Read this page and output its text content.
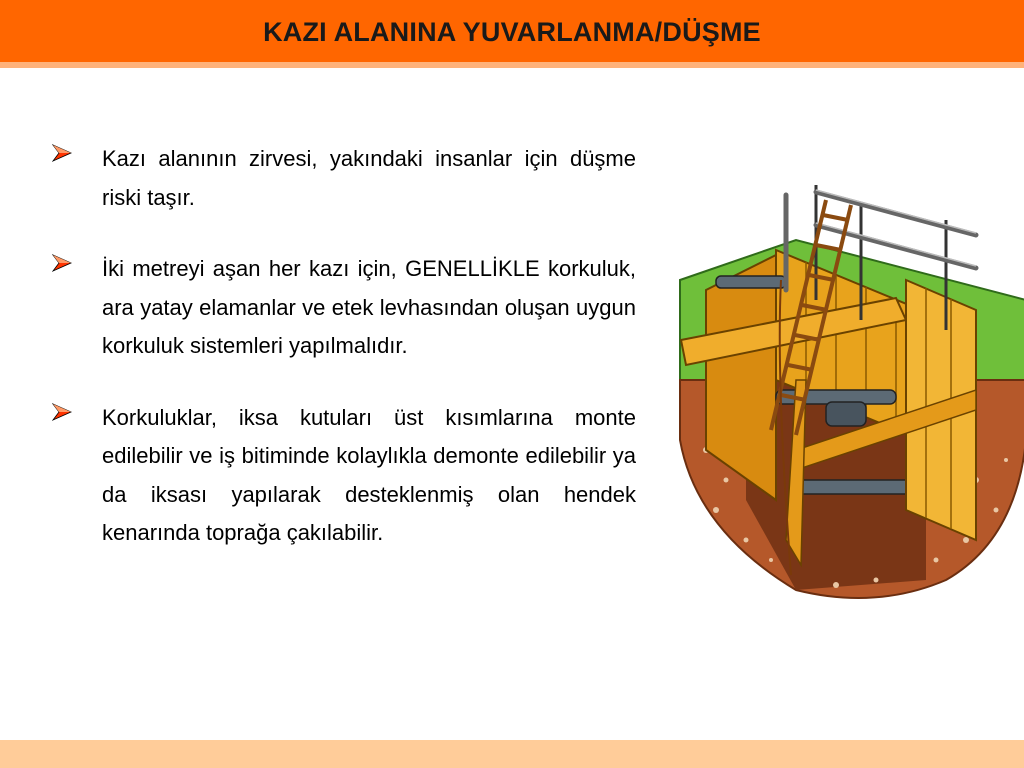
KAZI ALANINA YUVARLANMA/DÜŞME
Kazı alanının zirvesi, yakındaki insanlar için düşme riski taşır.
İki metreyi aşan her kazı için, GENELLİKLE korkuluk, ara yatay elamanlar ve etek levhasından oluşan uygun korkuluk sistemleri yapılmalıdır.
Korkuluklar, iksa kutuları üst kısımlarına monte edilebilir ve iş bitiminde kolaylıkla demonte edilebilir ya da iksası yapılarak desteklenmiş olan hendek kenarında toprağa çakılabilir.
